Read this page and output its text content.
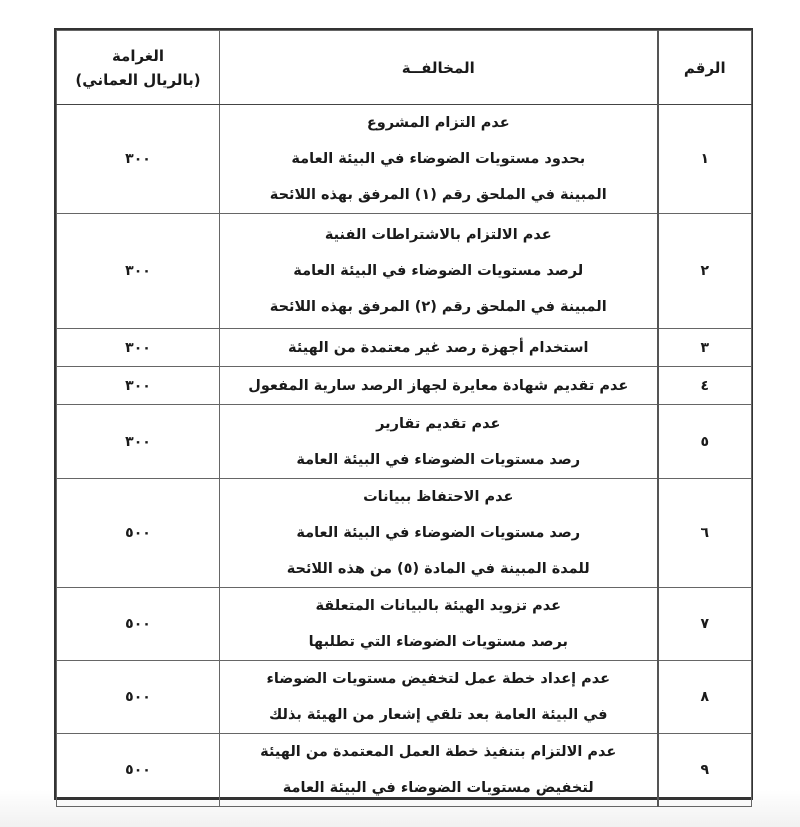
الرقم	المخالفــة	الغرامة
(بالريال العماني)

١	عدم التزام المشروع
بحدود مستويات الضوضاء في البيئة العامة
المبينة في الملحق رقم (١) المرفق بهذه اللائحة	٣٠٠
٢	عدم الالتزام بالاشتراطات الفنية
لرصد مستويات الضوضاء في البيئة العامة
المبينة في الملحق رقم (٢) المرفق بهذه اللائحة	٣٠٠
٣	استخدام أجهزة رصد غير معتمدة من الهيئة	٣٠٠
٤	عدم تقديم شهادة معايرة لجهاز الرصد سارية المفعول	٣٠٠
٥	عدم تقديم تقارير
رصد مستويات الضوضاء في البيئة العامة	٣٠٠
٦	عدم الاحتفاظ ببيانات
رصد مستويات الضوضاء في البيئة العامة
للمدة المبينة في المادة (٥) من هذه اللائحة	٥٠٠
٧	عدم تزويد الهيئة بالبيانات المتعلقة
برصد مستويات الضوضاء التي تطلبها	٥٠٠
٨	عدم إعداد خطة عمل لتخفيض مستويات الضوضاء
في البيئة العامة بعد تلقي إشعار من الهيئة بذلك	٥٠٠
٩	عدم الالتزام بتنفيذ خطة العمل المعتمدة من الهيئة
لتخفيض مستويات الضوضاء في البيئة العامة	٥٠٠
